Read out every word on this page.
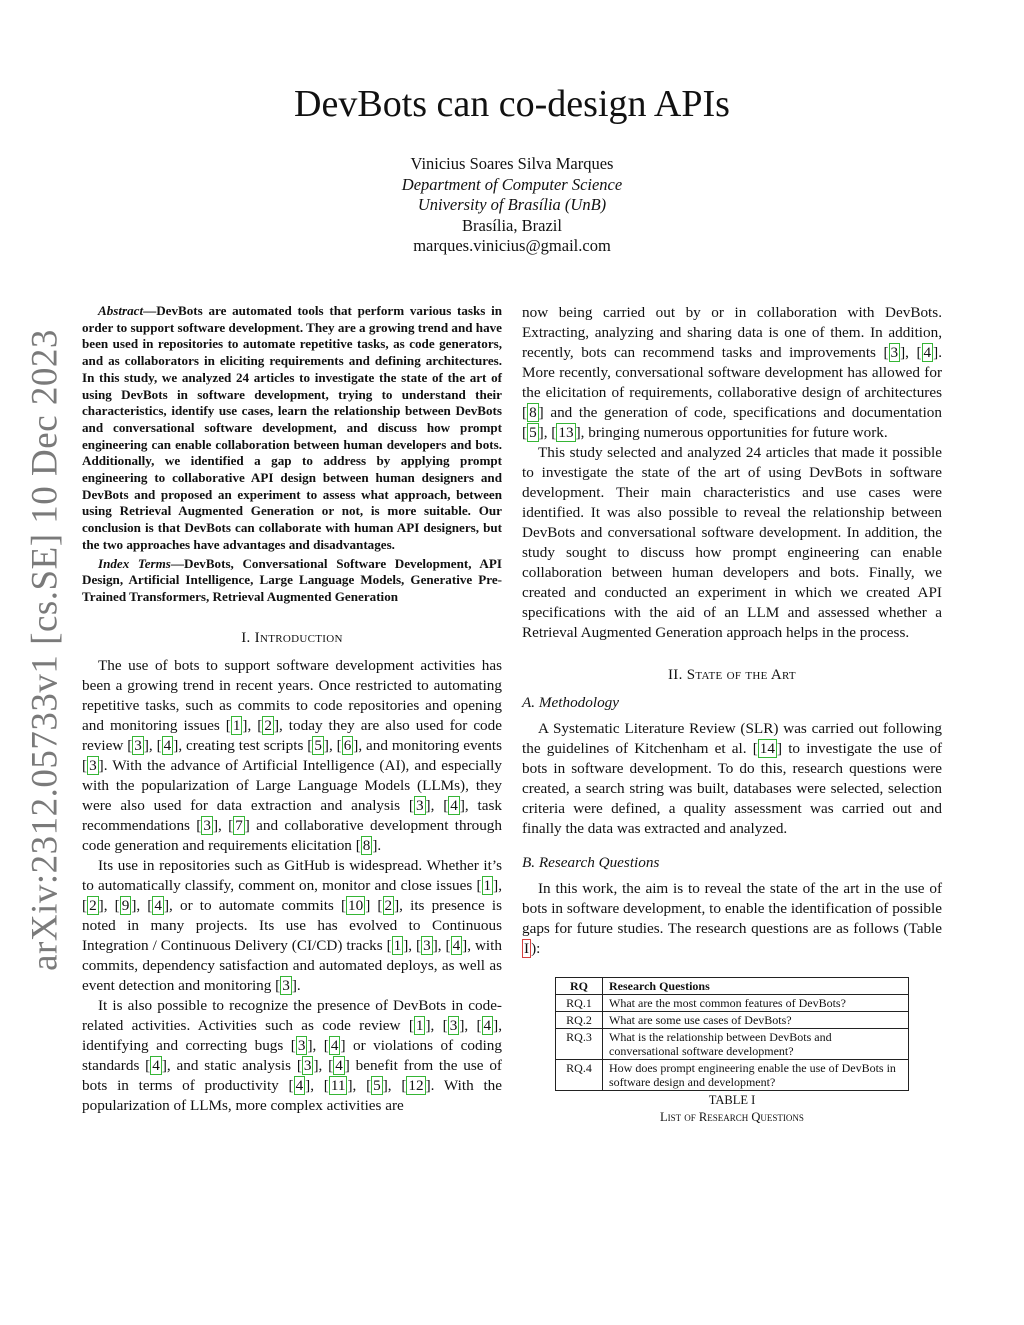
arXiv:2312.05733v1 [cs.SE] 10 Dec 2023
DevBots can co-design APIs
Vinicius Soares Silva Marques
Department of Computer Science
University of Brasília (UnB)
Brasília, Brazil
marques.vinicius@gmail.com

Abstract—DevBots are automated tools that perform various tasks in order to support software development. They are a growing trend and have been used in repositories to automate repetitive tasks, as code generators, and as collaborators in eliciting requirements and defining architectures. In this study, we analyzed 24 articles to investigate the state of the art of using DevBots in software development, trying to understand their characteristics, identify use cases, learn the relationship between DevBots and conversational software development, and discuss how prompt engineering can enable collaboration between human developers and bots. Additionally, we identified a gap to address by applying prompt engineering to collaborative API design between human designers and DevBots and proposed an experiment to assess what approach, between using Retrieval Augmented Generation or not, is more suitable. Our conclusion is that DevBots can collaborate with human API designers, but the two approaches have advantages and disadvantages.

Index Terms—DevBots, Conversational Software Development, API Design, Artificial Intelligence, Large Language Models, Generative Pre-Trained Transformers, Retrieval Augmented Generation

I. Introduction

The use of bots to support software development activities has been a growing trend in recent years. Once restricted to automating repetitive tasks, such as commits to code repositories and opening and monitoring issues [ 1 ], [ 2 ], today they are also used for code review [ 3 ], [ 4 ], creating test scripts [ 5 ], [ 6 ], and monitoring events [ 3 ]. With the advance of Artificial Intelligence (AI), and especially with the popularization of Large Language Models (LLMs), they were also used for data extraction and analysis [ 3 ], [ 4 ], task recommendations [ 3 ], [ 7 ] and collaborative development through code generation and requirements elicitation [ 8 ].

Its use in repositories such as GitHub is widespread. Whether it’s to automatically classify, comment on, monitor and close issues [ 1 ], [ 2 ], [ 9 ], [ 4 ], or to automate commits [ 10 ] [ 2 ], its presence is noted in many projects. Its use has evolved to Continuous Integration / Continuous Delivery (CI/CD) tracks [ 1 ], [ 3 ], [ 4 ], with commits, dependency satisfaction and automated deploys, as well as event detection and monitoring [ 3 ].

It is also possible to recognize the presence of DevBots in code-related activities. Activities such as code review [ 1 ], [ 3 ], [ 4 ], identifying and correcting bugs [ 3 ], [ 4 ] or violations of coding standards [ 4 ], and static analysis [ 3 ], [ 4 ] benefit from the use of bots in terms of productivity [ 4 ], [ 11 ], [ 5 ], [ 12 ]. With the popularization of LLMs, more complex activities are

now being carried out by or in collaboration with DevBots. Extracting, analyzing and sharing data is one of them. In addition, recently, bots can recommend tasks and improvements [ 3 ], [ 4 ]. More recently, conversational software development has allowed for the elicitation of requirements, collaborative design of architectures [ 8 ] and the generation of code, specifications and documentation [ 5 ], [ 13 ], bringing numerous opportunities for future work.

This study selected and analyzed 24 articles that made it possible to investigate the state of the art of using DevBots in software development. Their main characteristics and use cases were identified. It was also possible to reveal the relationship between DevBots and conversational software development. In addition, the study sought to discuss how prompt engineering can enable collaboration between human developers and bots. Finally, we created and conducted an experiment in which we created API specifications with the aid of an LLM and assessed whether a Retrieval Augmented Generation approach helps in the process.

II. State of the Art
A. Methodology

A Systematic Literature Review (SLR) was carried out following the guidelines of Kitchenham et al. [ 14 ] to investigate the use of bots in software development. To do this, research questions were created, a search string was built, databases were selected, selection criteria were defined, a quality assessment was carried out and finally the data was extracted and analyzed.

B. Research Questions

In this work, the aim is to reveal the state of the art in the use of bots in software development, to enable the identification of possible gaps for future studies. The research questions are as follows (Table I ):

RQ	Research Questions
RQ.1	What are the most common features of DevBots?
RQ.2	What are some use cases of DevBots?
RQ.3	What is the relationship between DevBots and conversational software development?
RQ.4	How does prompt engineering enable the use of DevBots in software design and development?
TABLE I
List of Research Questions
